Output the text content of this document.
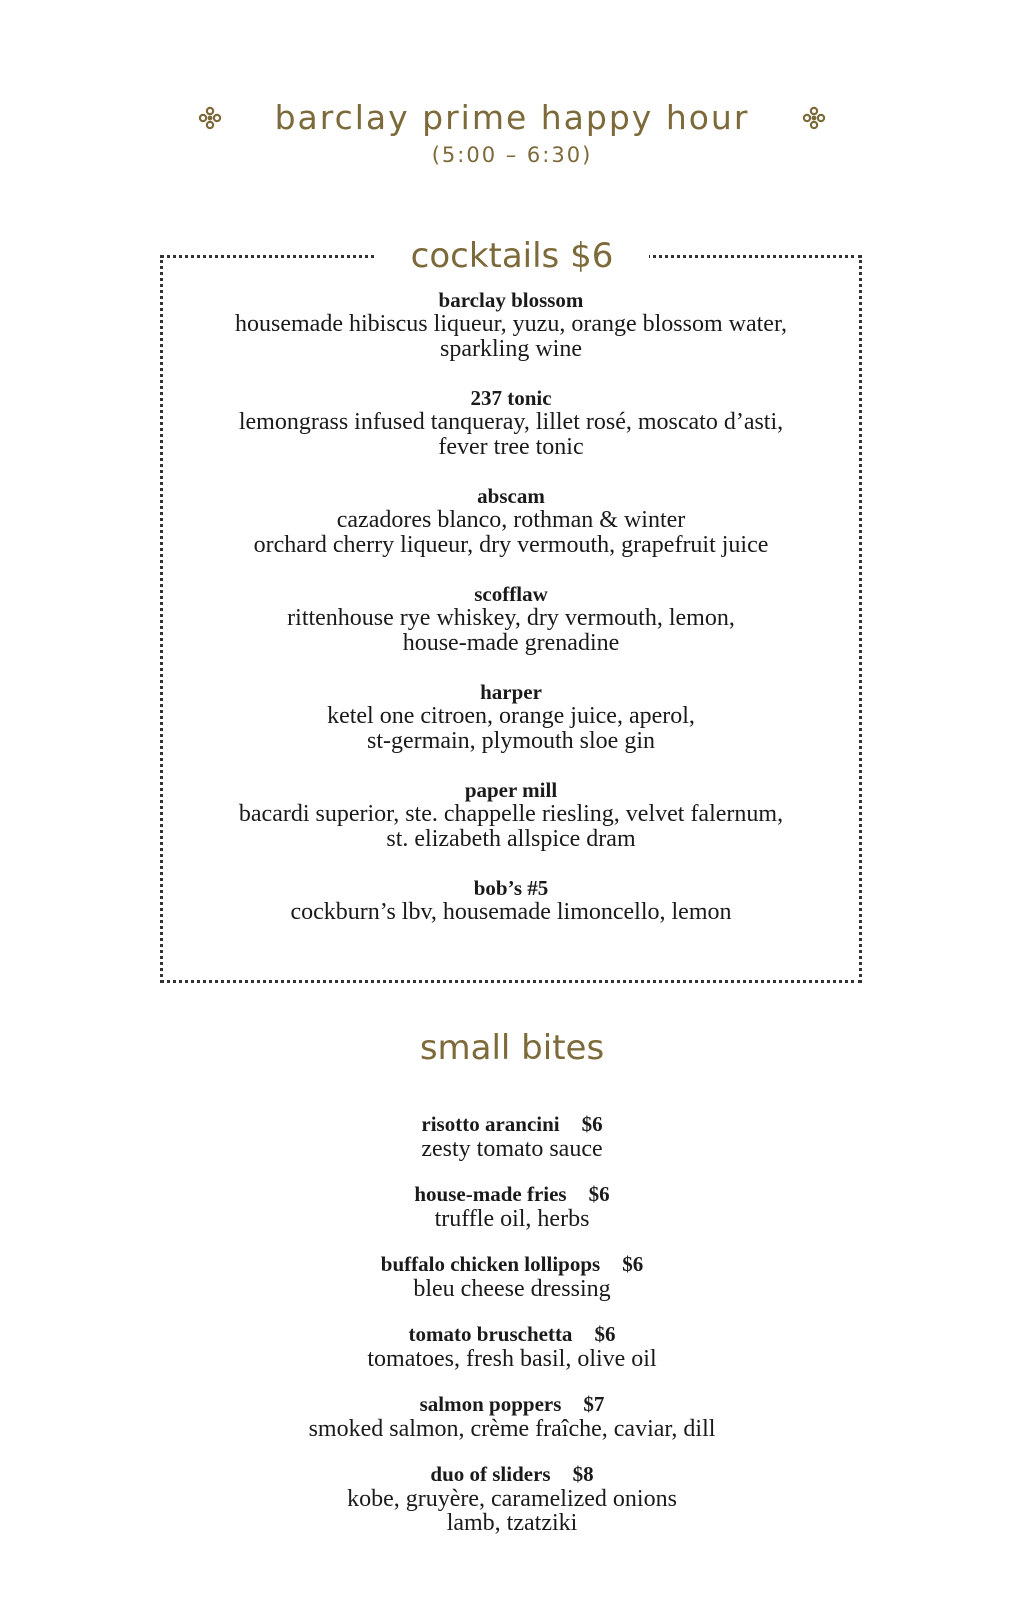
barclay prime happy hour
(5:00 – 6:30)
cocktails $6
barclay blossom
housemade hibiscus liqueur, yuzu, orange blossom water,
sparkling wine
237 tonic
lemongrass infused tanqueray, lillet rosé, moscato d’asti,
fever tree tonic
abscam
cazadores blanco, rothman & winter
orchard cherry liqueur, dry vermouth, grapefruit juice
scofflaw
rittenhouse rye whiskey, dry vermouth, lemon,
house-made grenadine
harper
ketel one citroen, orange juice, aperol,
st-germain, plymouth sloe gin
paper mill
bacardi superior, ste. chappelle riesling, velvet falernum,
st. elizabeth allspice dram
bob’s #5
cockburn’s lbv, housemade limoncello, lemon
small bites
risotto arancini $6
zesty tomato sauce
house-made fries $6
truffle oil, herbs
buffalo chicken lollipops $6
bleu cheese dressing
tomato bruschetta $6
tomatoes, fresh basil, olive oil
salmon poppers $7
smoked salmon, crème fraîche, caviar, dill
duo of sliders $8
kobe, gruyère, caramelized onions
lamb, tzatziki
